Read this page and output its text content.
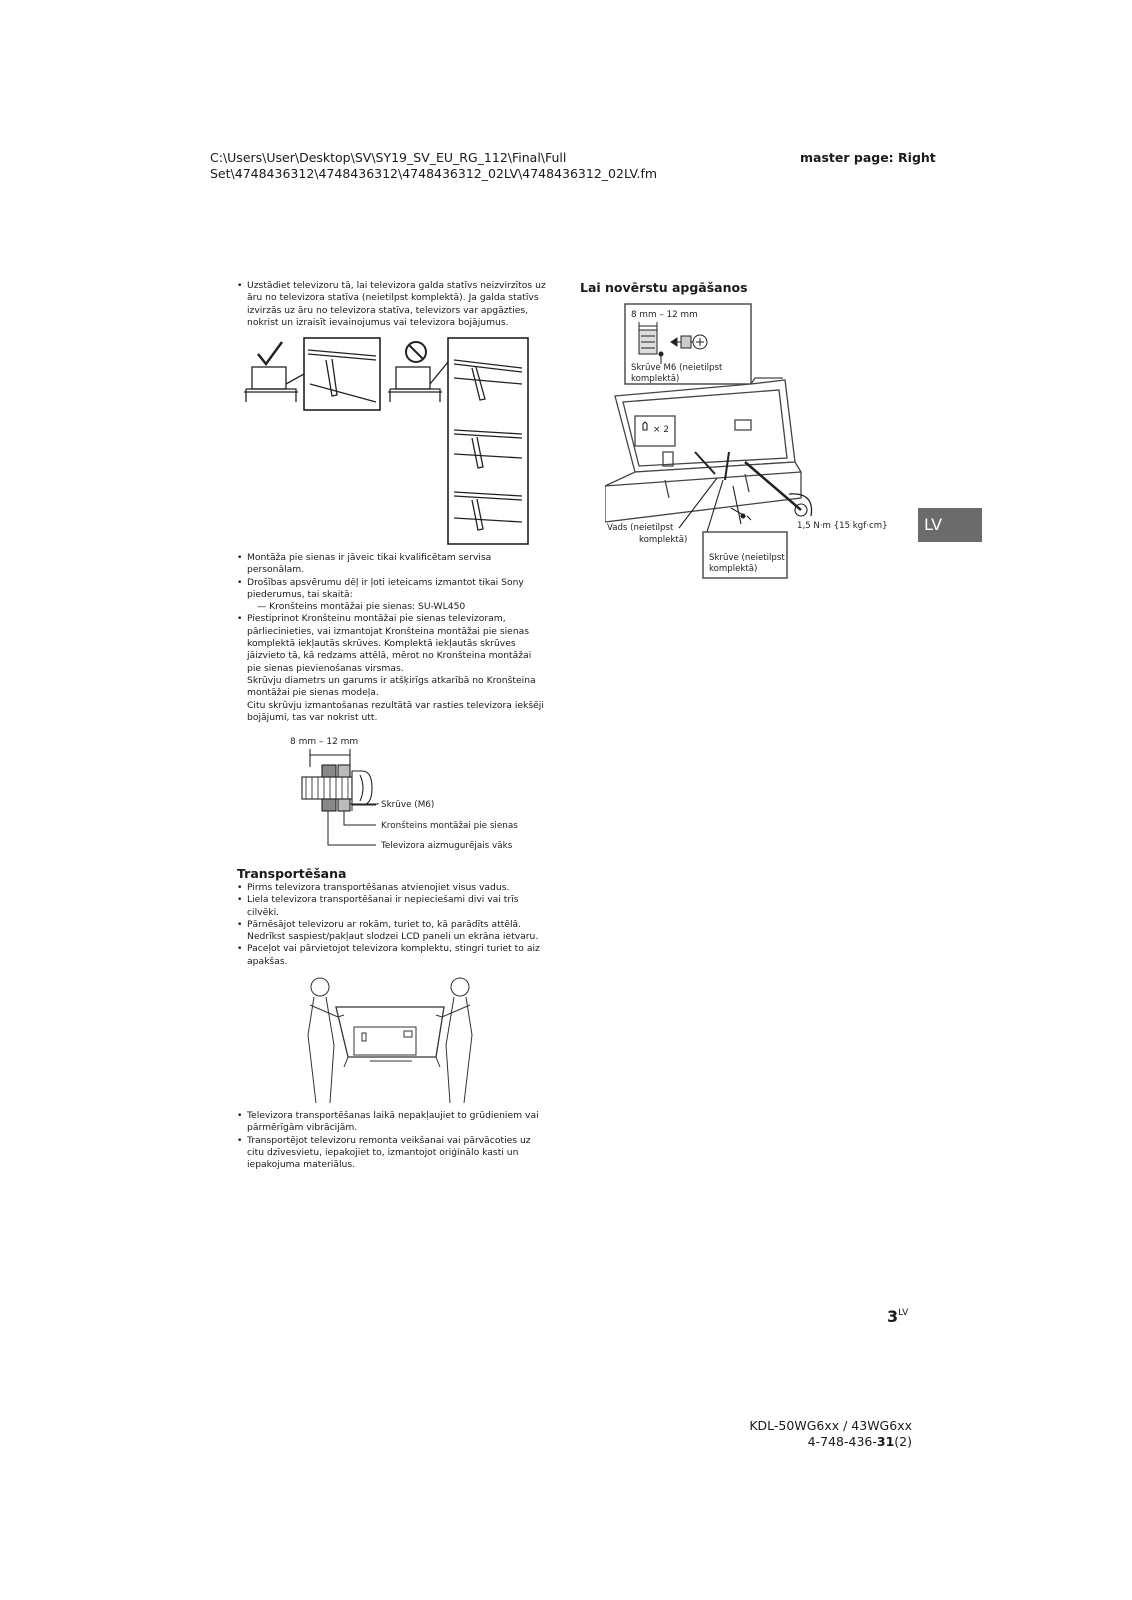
C:\Users\User\Desktop\SV\SY19_SV_EU_RG_112\Final\Full
Set\4748436312\4748436312\4748436312_02LV\4748436312_02LV.fm
master page: Right
• Uzstādiet televizoru tā, lai televizora galda statīvs neizvirzītos uz
āru no televizora statīva (neietilpst komplektā). Ja galda statīvs
izvirzās uz āru no televizora statīva, televizors var apgāzties,
nokrist un izraisīt ievainojumus vai televizora bojājumus.
• Montāža pie sienas ir jāveic tikai kvalificētam servisa
personālam.
• Drošības apsvērumu dēļ ir ļoti ieteicams izmantot tikai Sony
piederumus, tai skaitā:
— Kronšteins montāžai pie sienas: SU-WL450
• Piestiprinot Kronšteinu montāžai pie sienas televizoram,
pārliecinieties, vai izmantojat Kronšteina montāžai pie sienas
komplektā iekļautās skrūves. Komplektā iekļautās skrūves
jāizvieto tā, kā redzams attēlā, mērot no Kronšteina montāžai
pie sienas pievienošanas virsmas.
Skrūvju diametrs un garums ir atšķirīgs atkarībā no Kronšteina
montāžai pie sienas modeļa.
Citu skrūvju izmantošanas rezultātā var rasties televizora iekšēji
bojājumi, tas var nokrist utt.
8 mm – 12 mm
Skrūve (M6)
Kronšteins montāžai pie sienas
Televizora aizmugurējais vāks
Transportēšana
• Pirms televizora transportēšanas atvienojiet visus vadus.
• Liela televizora transportēšanai ir nepieciešami divi vai trīs
cilvēki.
• Pārnēsājot televizoru ar rokām, turiet to, kā parādīts attēlā.
Nedrīkst saspiest/pakļaut slodzei LCD paneli un ekrāna ietvaru.
• Paceļot vai pārvietojot televizora komplektu, stingri turiet to aiz
apakšas.
• Televizora transportēšanas laikā nepakļaujiet to grūdieniem vai
pārmērīgām vibrācijām.
• Transportējot televizoru remonta veikšanai vai pārvācoties uz
citu dzīvesvietu, iepakojiet to, izmantojot oriģinālo kasti un
iepakojuma materiālus.
Lai novērstu apgāšanos
8 mm – 12 mm
Skrūve M6 (neietilpst
komplektā)
× 2
Vads (neietilpst
komplektā)
1,5 N·m {15 kgf·cm}
Skrūve (neietilpst
komplektā)
LV
$3^{LV}$
KDL-50WG6xx / 43WG6xx
4-748-436-31(2)
